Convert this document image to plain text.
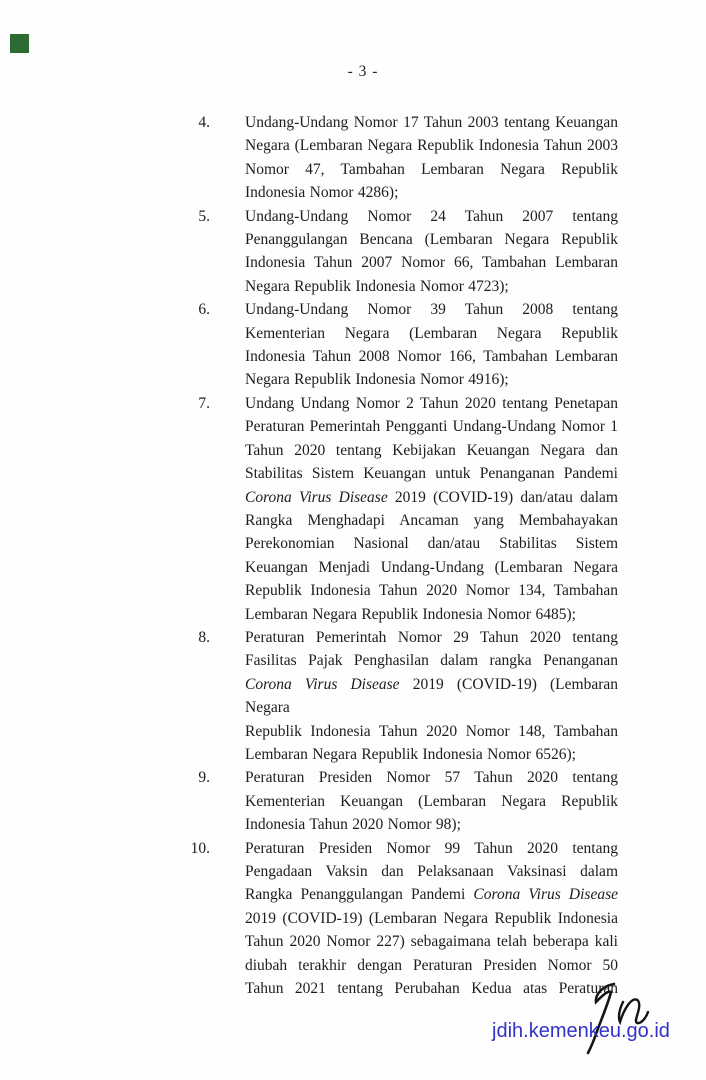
- 3 -
4. Undang-Undang Nomor 17 Tahun 2003 tentang Keuangan
Negara (Lembaran Negara Republik Indonesia Tahun 2003
Nomor 47, Tambahan Lembaran Negara Republik
Indonesia Nomor 4286);
5. Undang-Undang Nomor 24 Tahun 2007 tentang
Penanggulangan Bencana (Lembaran Negara Republik
Indonesia Tahun 2007 Nomor 66, Tambahan Lembaran
Negara Republik Indonesia Nomor 4723);
6. Undang-Undang Nomor 39 Tahun 2008 tentang
Kementerian Negara (Lembaran Negara Republik
Indonesia Tahun 2008 Nomor 166, Tambahan Lembaran
Negara Republik Indonesia Nomor 4916);
7. Undang Undang Nomor 2 Tahun 2020 tentang Penetapan
Peraturan Pemerintah Pengganti Undang-Undang Nomor 1
Tahun 2020 tentang Kebijakan Keuangan Negara dan
Stabilitas Sistem Keuangan untuk Penanganan Pandemi
Corona Virus Disease 2019 (COVID-19) dan/atau dalam
Rangka Menghadapi Ancaman yang Membahayakan
Perekonomian Nasional dan/atau Stabilitas Sistem
Keuangan Menjadi Undang-Undang (Lembaran Negara
Republik Indonesia Tahun 2020 Nomor 134, Tambahan
Lembaran Negara Republik Indonesia Nomor 6485);
8. Peraturan Pemerintah Nomor 29 Tahun 2020 tentang
Fasilitas Pajak Penghasilan dalam rangka Penanganan
Corona Virus Disease 2019 (COVID-19) (Lembaran Negara
Republik Indonesia Tahun 2020 Nomor 148, Tambahan
Lembaran Negara Republik Indonesia Nomor 6526);
9. Peraturan Presiden Nomor 57 Tahun 2020 tentang
Kementerian Keuangan (Lembaran Negara Republik
Indonesia Tahun 2020 Nomor 98);
10. Peraturan Presiden Nomor 99 Tahun 2020 tentang
Pengadaan Vaksin dan Pelaksanaan Vaksinasi dalam
Rangka Penanggulangan Pandemi Corona Virus Disease
2019 (COVID-19) (Lembaran Negara Republik Indonesia
Tahun 2020 Nomor 227) sebagaimana telah beberapa kali
diubah terakhir dengan Peraturan Presiden Nomor 50
Tahun 2021 tentang Perubahan Kedua atas Peraturan
jdih.kemenkeu.go.id
